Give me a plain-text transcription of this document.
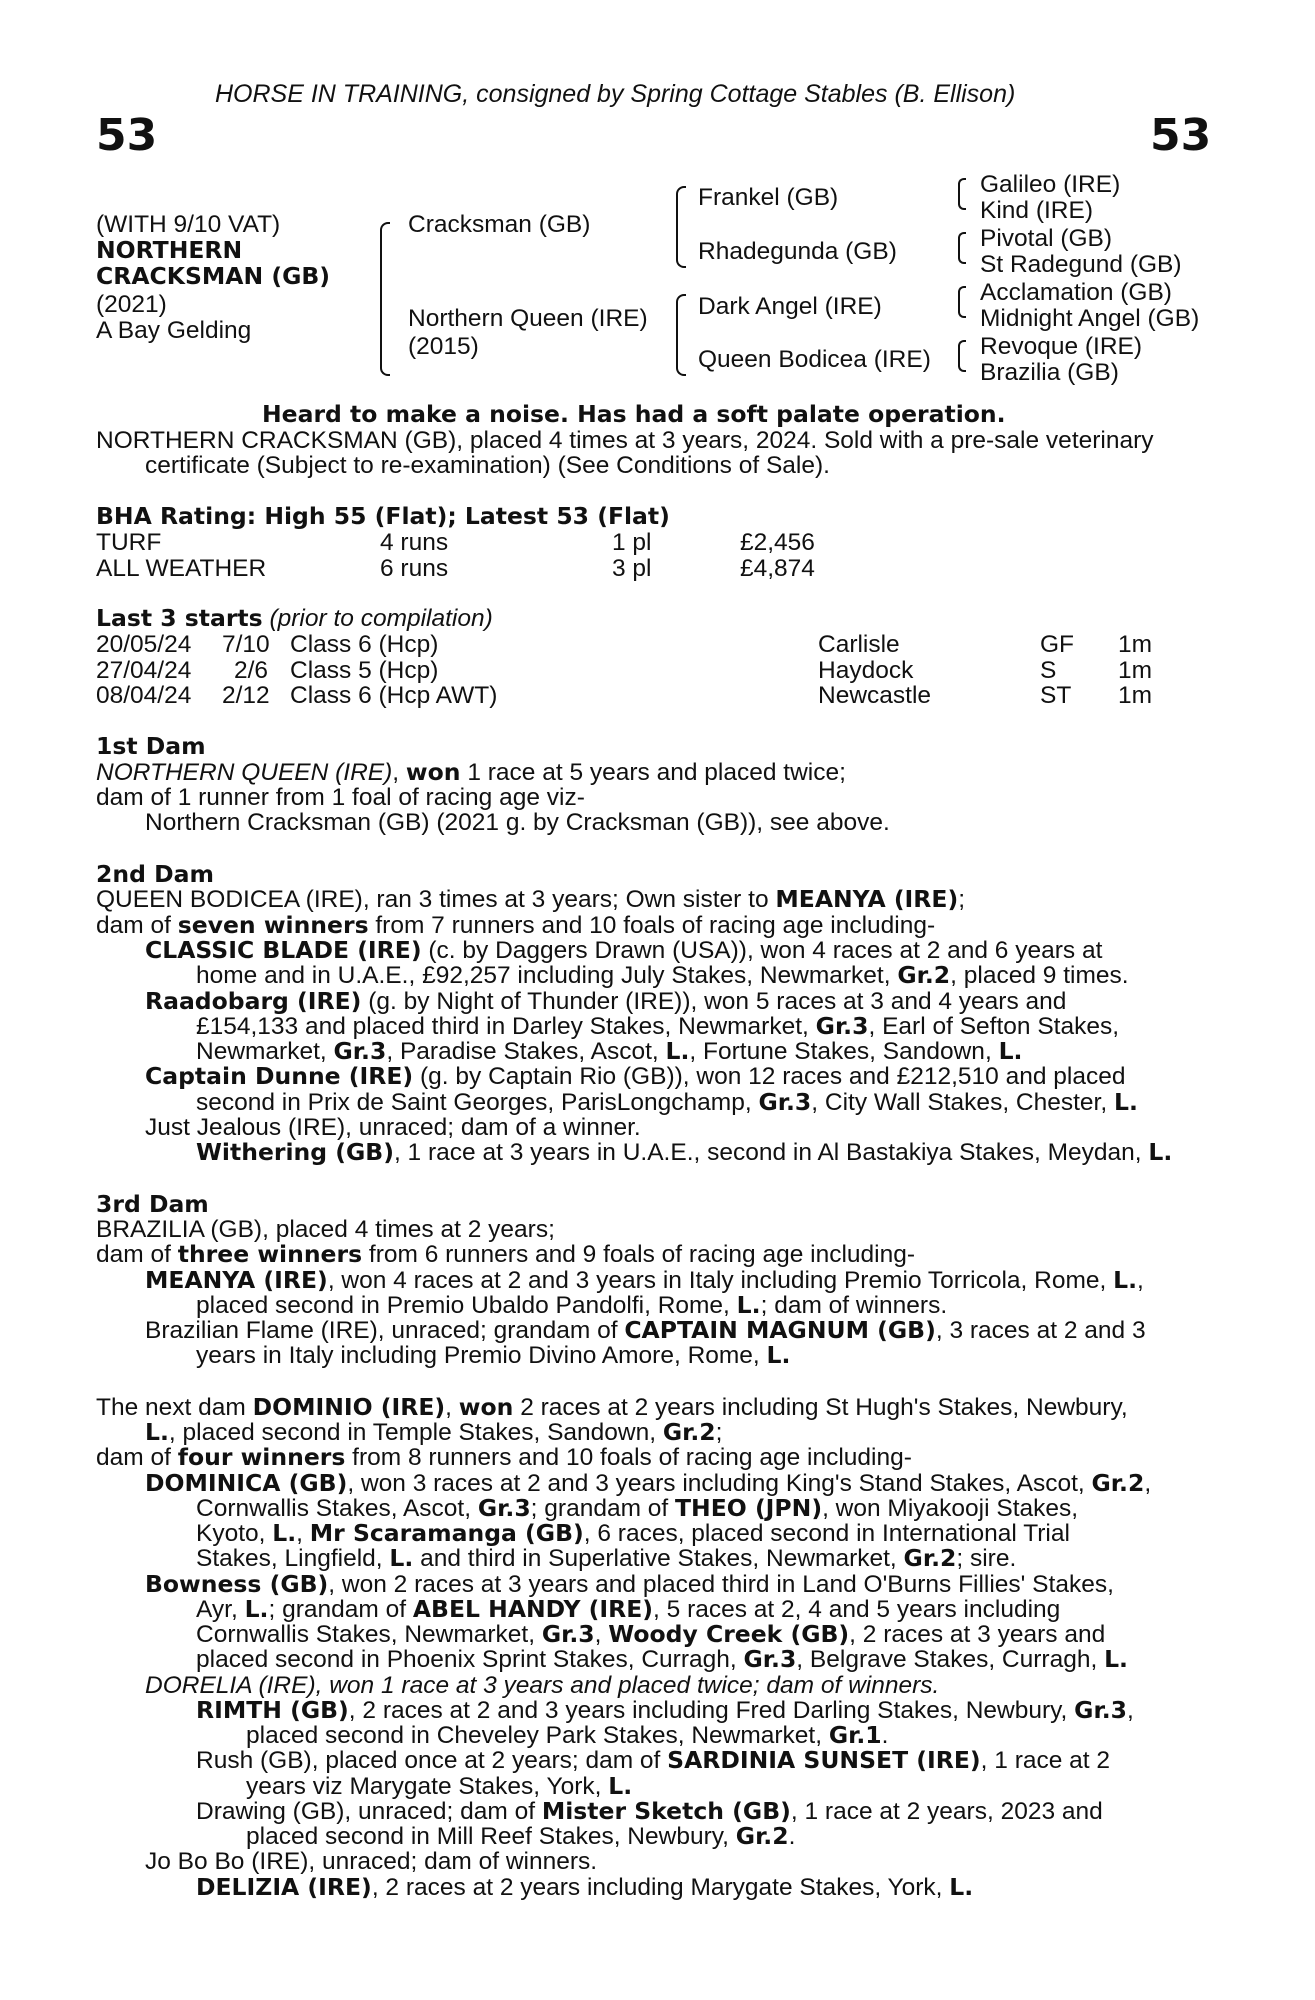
HORSE IN TRAINING, consigned by Spring Cottage Stables (B. Ellison)
53	53
(WITH 9/10 VAT)
NORTHERN
CRACKSMAN (GB)
(2021)
A Bay Gelding
Cracksman (GB)
Northern Queen (IRE)
(2015)
Frankel (GB)
Rhadegunda (GB)
Dark Angel (IRE)
Queen Bodicea (IRE)
Galileo (IRE)
Kind (IRE)
Pivotal (GB)
St Radegund (GB)
Acclamation (GB)
Midnight Angel (GB)
Revoque (IRE)
Brazilia (GB)
Heard to make a noise. Has had a soft palate operation.
NORTHERN CRACKSMAN (GB), placed 4 times at 3 years, 2024. Sold with a pre-sale veterinary
certificate (Subject to re-examination) (See Conditions of Sale).
BHA Rating: High 55 (Flat); Latest 53 (Flat)
TURF	4 runs	1 pl	£2,456
ALL WEATHER	6 runs	3 pl	£4,874
Last 3 starts (prior to compilation)
20/05/24 7/10 Class 6 (Hcp)	Carlisle	GF 1m
27/04/24 2/6 Class 5 (Hcp)	Haydock	S	1m
08/04/24 2/12 Class 6 (Hcp AWT)	Newcastle	ST 1m
1st Dam
NORTHERN QUEEN (IRE), won 1 race at 5 years and placed twice;
dam of 1 runner from 1 foal of racing age viz-
Northern Cracksman (GB) (2021 g. by Cracksman (GB)), see above.
2nd Dam
QUEEN BODICEA (IRE), ran 3 times at 3 years; Own sister to MEANYA (IRE);
dam of seven winners from 7 runners and 10 foals of racing age including-
CLASSIC BLADE (IRE) (c. by Daggers Drawn (USA)), won 4 races at 2 and 6 years at
home and in U.A.E., £92,257 including July Stakes, Newmarket, Gr.2, placed 9 times.
Raadobarg (IRE) (g. by Night of Thunder (IRE)), won 5 races at 3 and 4 years and
£154,133 and placed third in Darley Stakes, Newmarket, Gr.3, Earl of Sefton Stakes,
Newmarket, Gr.3, Paradise Stakes, Ascot, L., Fortune Stakes, Sandown, L.
Captain Dunne (IRE) (g. by Captain Rio (GB)), won 12 races and £212,510 and placed
second in Prix de Saint Georges, ParisLongchamp, Gr.3, City Wall Stakes, Chester, L.
Just Jealous (IRE), unraced; dam of a winner.
Withering (GB), 1 race at 3 years in U.A.E., second in Al Bastakiya Stakes, Meydan, L.
3rd Dam
BRAZILIA (GB), placed 4 times at 2 years;
dam of three winners from 6 runners and 9 foals of racing age including-
MEANYA (IRE), won 4 races at 2 and 3 years in Italy including Premio Torricola, Rome, L.,
placed second in Premio Ubaldo Pandolfi, Rome, L.; dam of winners.
Brazilian Flame (IRE), unraced; grandam of CAPTAIN MAGNUM (GB), 3 races at 2 and 3
years in Italy including Premio Divino Amore, Rome, L.
The next dam DOMINIO (IRE), won 2 races at 2 years including St Hugh's Stakes, Newbury,
L., placed second in Temple Stakes, Sandown, Gr.2;
dam of four winners from 8 runners and 10 foals of racing age including-
DOMINICA (GB), won 3 races at 2 and 3 years including King's Stand Stakes, Ascot, Gr.2,
Cornwallis Stakes, Ascot, Gr.3; grandam of THEO (JPN), won Miyakooji Stakes,
Kyoto, L., Mr Scaramanga (GB), 6 races, placed second in International Trial
Stakes, Lingfield, L. and third in Superlative Stakes, Newmarket, Gr.2; sire.
Bowness (GB), won 2 races at 3 years and placed third in Land O'Burns Fillies' Stakes,
Ayr, L.; grandam of ABEL HANDY (IRE), 5 races at 2, 4 and 5 years including
Cornwallis Stakes, Newmarket, Gr.3, Woody Creek (GB), 2 races at 3 years and
placed second in Phoenix Sprint Stakes, Curragh, Gr.3, Belgrave Stakes, Curragh, L.
DORELIA (IRE), won 1 race at 3 years and placed twice; dam of winners.
RIMTH (GB), 2 races at 2 and 3 years including Fred Darling Stakes, Newbury, Gr.3,
placed second in Cheveley Park Stakes, Newmarket, Gr.1.
Rush (GB), placed once at 2 years; dam of SARDINIA SUNSET (IRE), 1 race at 2
years viz Marygate Stakes, York, L.
Drawing (GB), unraced; dam of Mister Sketch (GB), 1 race at 2 years, 2023 and
placed second in Mill Reef Stakes, Newbury, Gr.2.
Jo Bo Bo (IRE), unraced; dam of winners.
DELIZIA (IRE), 2 races at 2 years including Marygate Stakes, York, L.
